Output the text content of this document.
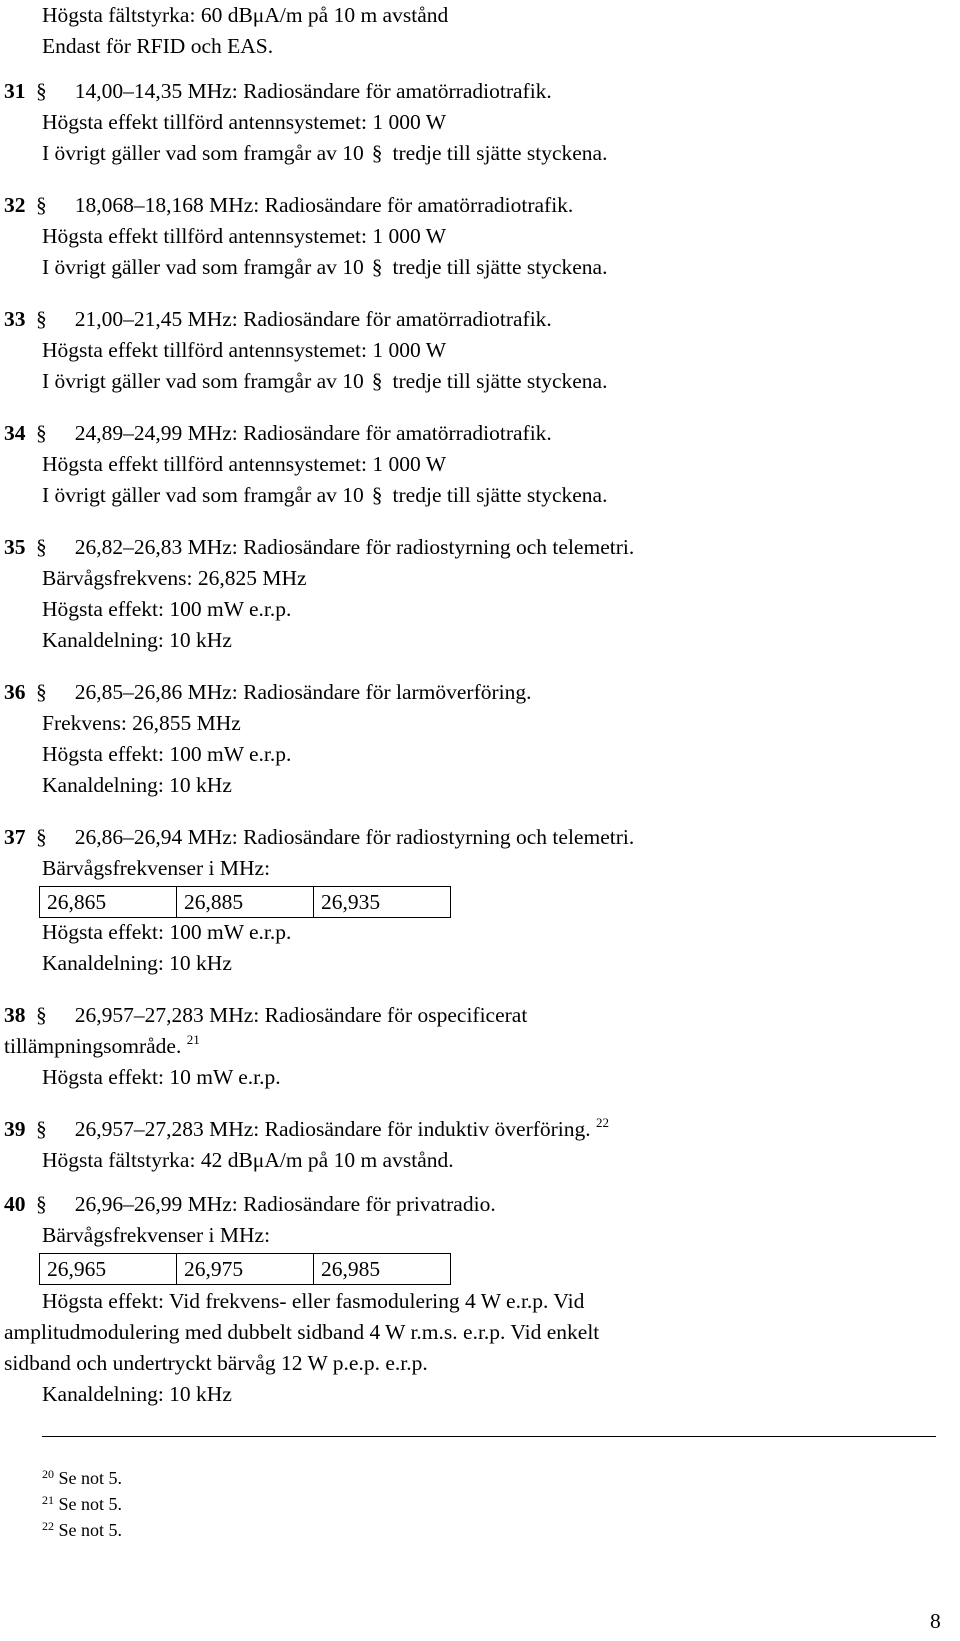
Högsta fältstyrka: 60 dBμA/m på 10 m avstånd
Endast för RFID och EAS.
31 § 14,00–14,35 MHz: Radiosändare för amatörradiotrafik.
Högsta effekt tillförd antennsystemet: 1 000 W
I övrigt gäller vad som framgår av 10 § tredje till sjätte styckena.
32 § 18,068–18,168 MHz: Radiosändare för amatörradiotrafik.
Högsta effekt tillförd antennsystemet: 1 000 W
I övrigt gäller vad som framgår av 10 § tredje till sjätte styckena.
33 § 21,00–21,45 MHz: Radiosändare för amatörradiotrafik.
Högsta effekt tillförd antennsystemet: 1 000 W
I övrigt gäller vad som framgår av 10 § tredje till sjätte styckena.
34 § 24,89–24,99 MHz: Radiosändare för amatörradiotrafik.
Högsta effekt tillförd antennsystemet: 1 000 W
I övrigt gäller vad som framgår av 10 § tredje till sjätte styckena.
35 § 26,82–26,83 MHz: Radiosändare för radiostyrning och telemetri.
Bärvågsfrekvens: 26,825 MHz
Högsta effekt: 100 mW e.r.p.
Kanaldelning: 10 kHz
36 § 26,85–26,86 MHz: Radiosändare för larmöverföring.
Frekvens: 26,855 MHz
Högsta effekt: 100 mW e.r.p.
Kanaldelning: 10 kHz
37 § 26,86–26,94 MHz: Radiosändare för radiostyrning och telemetri.
Bärvågsfrekvenser i MHz:
26,865	26,885	26,935
Högsta effekt: 100 mW e.r.p.
Kanaldelning: 10 kHz
38 § 26,957–27,283 MHz: Radiosändare för ospecificerat
tillämpningsområde. $^{21}$
Högsta effekt: 10 mW e.r.p.
39 § 26,957–27,283 MHz: Radiosändare för induktiv överföring. $^{22}$
Högsta fältstyrka: 42 dBμA/m på 10 m avstånd.
40 § 26,96–26,99 MHz: Radiosändare för privatradio.
Bärvågsfrekvenser i MHz:
26,965	26,975	26,985
Högsta effekt: Vid frekvens- eller fasmodulering 4 W e.r.p. Vid
amplitudmodulering med dubbelt sidband 4 W r.m.s. e.r.p. Vid enkelt
sidband och undertryckt bärvåg 12 W p.e.p. e.r.p.
Kanaldelning: 10 kHz
$^{20}$ Se not 5.
$^{21}$ Se not 5.
$^{22}$ Se not 5.
8
